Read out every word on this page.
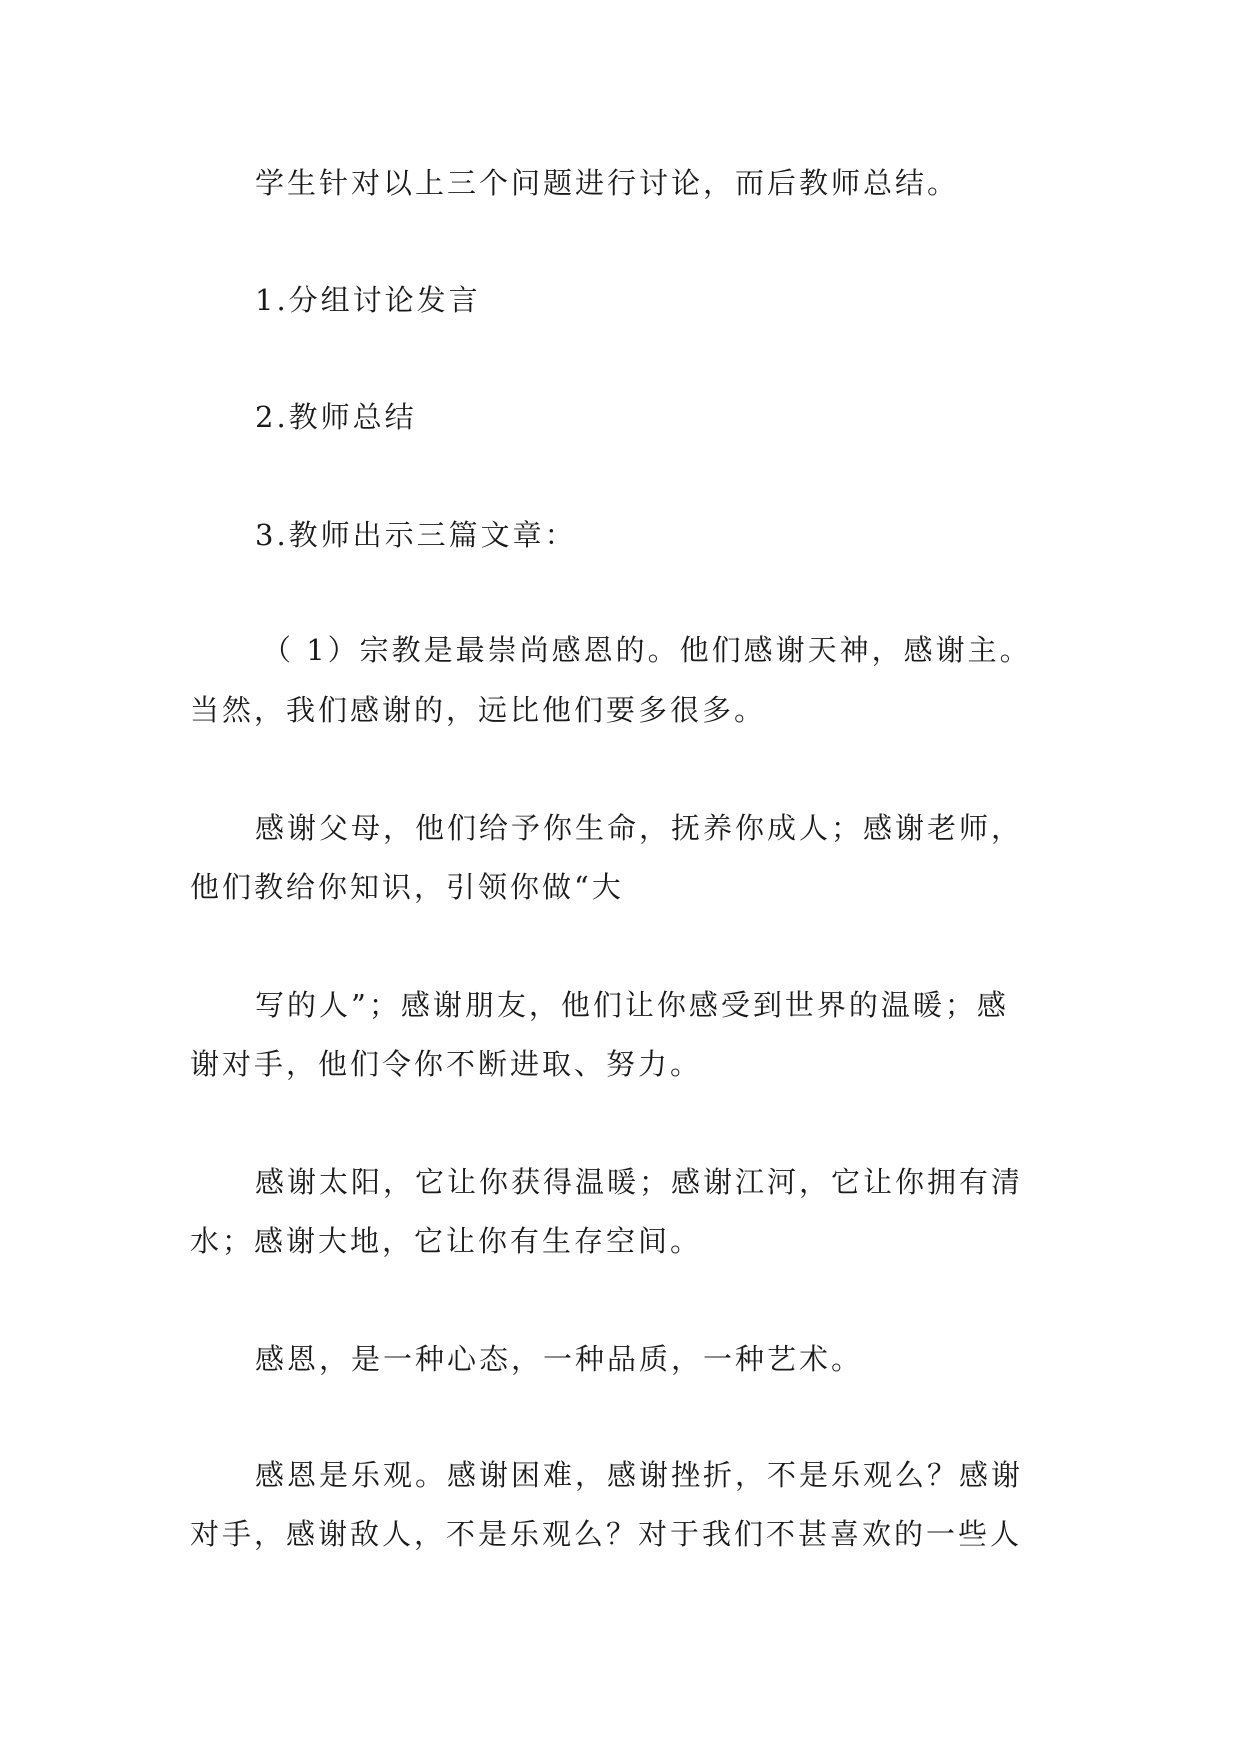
学生针对以上三个问题进行讨论，而后教师总结。
1.分组讨论发言
2.教师总结
3.教师出示三篇文章：
（ 1）宗教是最崇尚感恩的。他们感谢天神，感谢主。
当然，我们感谢的，远比他们要多很多。
感谢父母，他们给予你生命，抚养你成人；感谢老师，
他们教给你知识，引领你做“大
写的人”；感谢朋友，他们让你感受到世界的温暖；感
谢对手，他们令你不断进取、努力。
感谢太阳，它让你获得温暖；感谢江河，它让你拥有清
水；感谢大地，它让你有生存空间。
感恩，是一种心态，一种品质，一种艺术。
感恩是乐观。感谢困难，感谢挫折，不是乐观么？感谢
对手，感谢敌人，不是乐观么？对于我们不甚喜欢的一些人
